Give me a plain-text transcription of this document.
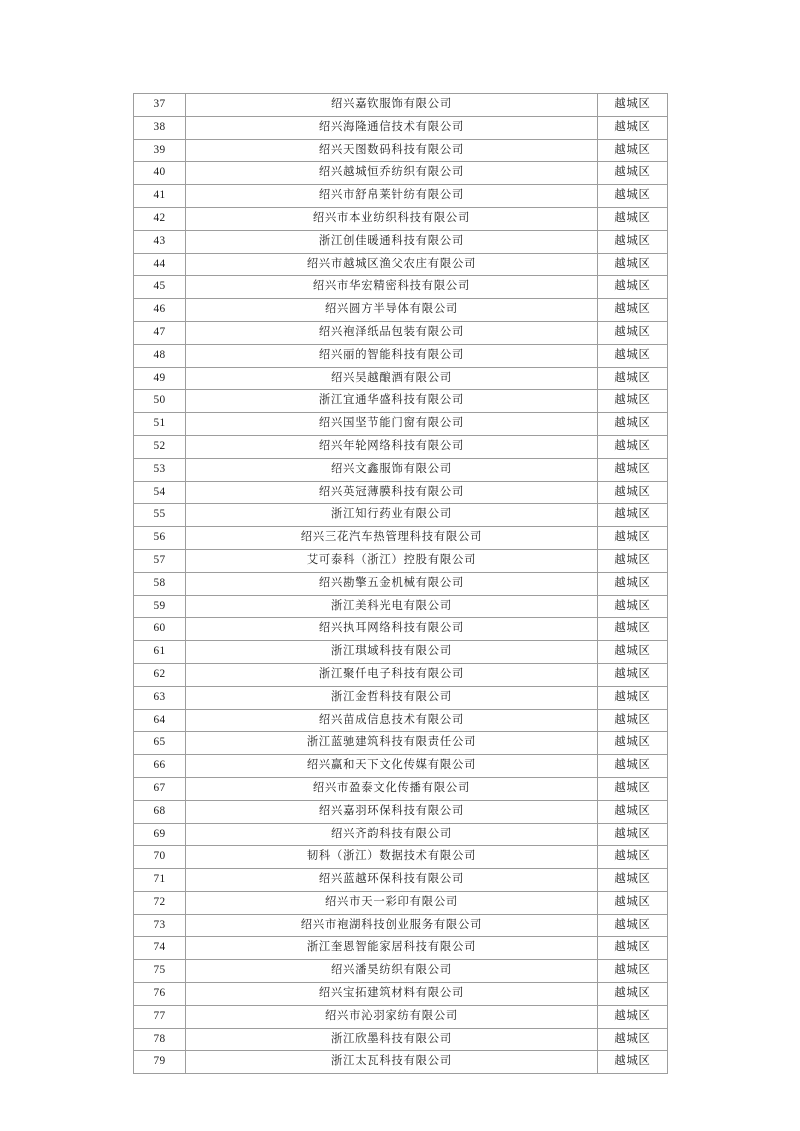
37	绍兴嘉钦服饰有限公司	越城区
38	绍兴海隆通信技术有限公司	越城区
39	绍兴天图数码科技有限公司	越城区
40	绍兴越城恒乔纺织有限公司	越城区
41	绍兴市舒帛莱针纺有限公司	越城区
42	绍兴市本业纺织科技有限公司	越城区
43	浙江创佳暖通科技有限公司	越城区
44	绍兴市越城区渔父农庄有限公司	越城区
45	绍兴市华宏精密科技有限公司	越城区
46	绍兴圆方半导体有限公司	越城区
47	绍兴袍泽纸品包装有限公司	越城区
48	绍兴丽的智能科技有限公司	越城区
49	绍兴吴越酿酒有限公司	越城区
50	浙江宜通华盛科技有限公司	越城区
51	绍兴国坚节能门窗有限公司	越城区
52	绍兴年轮网络科技有限公司	越城区
53	绍兴文鑫服饰有限公司	越城区
54	绍兴英冠薄膜科技有限公司	越城区
55	浙江知行药业有限公司	越城区
56	绍兴三花汽车热管理科技有限公司	越城区
57	艾可泰科（浙江）控股有限公司	越城区
58	绍兴勘擎五金机械有限公司	越城区
59	浙江美科光电有限公司	越城区
60	绍兴执耳网络科技有限公司	越城区
61	浙江琪域科技有限公司	越城区
62	浙江聚仟电子科技有限公司	越城区
63	浙江金哲科技有限公司	越城区
64	绍兴苗成信息技术有限公司	越城区
65	浙江蓝驰建筑科技有限责任公司	越城区
66	绍兴赢和天下文化传媒有限公司	越城区
67	绍兴市盈泰文化传播有限公司	越城区
68	绍兴嘉羽环保科技有限公司	越城区
69	绍兴齐韵科技有限公司	越城区
70	韧科（浙江）数据技术有限公司	越城区
71	绍兴蓝越环保科技有限公司	越城区
72	绍兴市天一彩印有限公司	越城区
73	绍兴市袍湖科技创业服务有限公司	越城区
74	浙江奎恩智能家居科技有限公司	越城区
75	绍兴潘昊纺织有限公司	越城区
76	绍兴宝拓建筑材料有限公司	越城区
77	绍兴市沁羽家纺有限公司	越城区
78	浙江欣墨科技有限公司	越城区
79	浙江太瓦科技有限公司	越城区
